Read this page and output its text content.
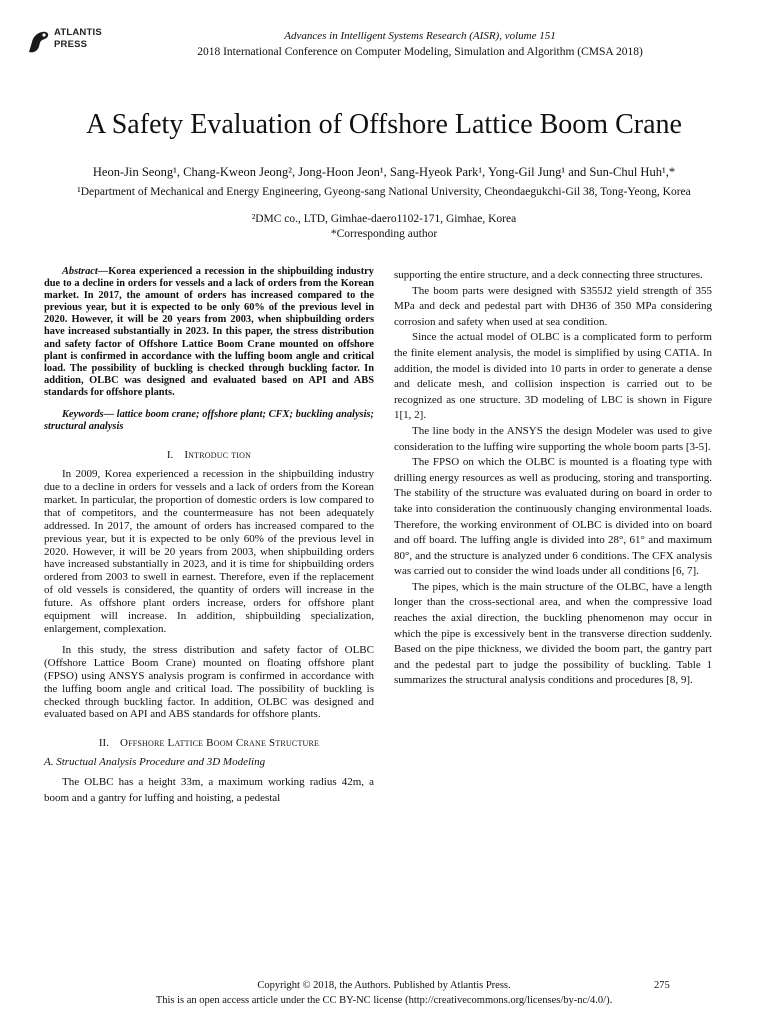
ATLANTIS
PRESS
Advances in Intelligent Systems Research (AISR), volume 151
2018 International Conference on Computer Modeling, Simulation and Algorithm (CMSA 2018)
A Safety Evaluation of Offshore Lattice Boom Crane
Heon-Jin Seong¹, Chang-Kweon Jeong², Jong-Hoon Jeon¹, Sang-Hyeok Park¹, Yong-Gil Jung¹ and Sun-Chul Huh¹,*
¹Department of Mechanical and Energy Engineering, Gyeong-sang National University, Cheondaegukchi-Gil 38, Tong-Yeong, Korea
²DMC co., LTD, Gimhae-daero1102-171, Gimhae, Korea
*Corresponding author

Abstract—Korea experienced a recession in the shipbuilding industry due to a decline in orders for vessels and a lack of orders from the Korean market. In 2017, the amount of orders has increased compared to the previous year, but it is expected to be only 60% of the previous level in 2020. However, it will be 20 years from 2003, when shipbuilding orders have increased substantially in 2023. In this paper, the stress distribution and safety factor of Offshore Lattice Boom Crane mounted on offshore plant is confirmed in accordance with the luffing boom angle and critical load. The possibility of buckling is checked through buckling factor. In addition, OLBC was designed and evaluated based on API and ABS standards for offshore plants.

Keywords— lattice boom crane; offshore plant; CFX; buckling analysis; structural analysis

I. Introduc tion

In 2009, Korea experienced a recession in the shipbuilding industry due to a decline in orders for vessels and a lack of orders from the Korean market. In particular, the proportion of domestic orders is low compared to that of competitors, and the countermeasure has not been adequately addressed. In 2017, the amount of orders has increased compared to the previous year, but it is expected to be only 60% of the previous level in 2020. However, it will be 20 years from 2003, when shipbuilding orders have increased substantially in 2023, and it is time for shipbuilding orders ordered from 2003 to swell in earnest. Therefore, even if the replacement of old vessels is considered, the quantity of orders will increase in the future. As offshore plant orders increase, orders for offshore plant equipment will increase. In addition, shipbuilding specialization, enlargement, complexation.

In this study, the stress distribution and safety factor of OLBC (Offshore Lattice Boom Crane) mounted on floating offshore plant (FPSO) using ANSYS analysis program is confirmed in accordance with the luffing boom angle and critical load. The possibility of buckling is checked through buckling factor. In addition, OLBC was designed and evaluated based on API and ABS standards for offshore plants.

II. Offshore Lattice Boom Crane Structure

A. Structual Analysis Procedure and 3D Modeling

The OLBC has a height 33m, a maximum working radius 42m, a boom and a gantry for luffing and hoisting, a pedestal

supporting the entire structure, and a deck connecting three structures.

The boom parts were designed with S355J2 yield strength of 355 MPa and deck and pedestal part with DH36 of 350 MPa considering corrosion and safety when used at sea condition.

Since the actual model of OLBC is a complicated form to perform the finite element analysis, the model is simplified by using CATIA. In addition, the model is divided into 10 parts in order to generate a dense and delicate mesh, and collision inspection is carried out to be recognized as one structure. 3D modeling of LBC is shown in Figure 1[1, 2].

The line body in the ANSYS the design Modeler was used to give consideration to the luffing wire supporting the whole boom parts [3-5].

The FPSO on which the OLBC is mounted is a floating type with drilling energy resources as well as producing, storing and transporting. The stability of the structure was evaluated during on board in order to take into consideration the continuously changing environmental loads. Therefore, the working environment of OLBC is divided into on board and off board. The luffing angle is divided into 28°, 61° and maximum 80°, and the structure is analyzed under 6 conditions. The CFX analysis was carried out to consider the wind loads under all conditions [6, 7].

The pipes, which is the main structure of the OLBC, have a length longer than the cross-sectional area, and when the compressive load reaches the axial direction, the buckling phenomenon may occur in which the pipe is excessively bent in the transverse direction suddenly. Based on the pipe thickness, we divided the boom part, the gantry part and the pedestal part to judge the possibility of buckling. Table 1 summarizes the structural analysis conditions and procedures [8, 9].

Copyright © 2018, the Authors. Published by Atlantis Press.	275
This is an open access article under the CC BY-NC license (http://creativecommons.org/licenses/by-nc/4.0/).
